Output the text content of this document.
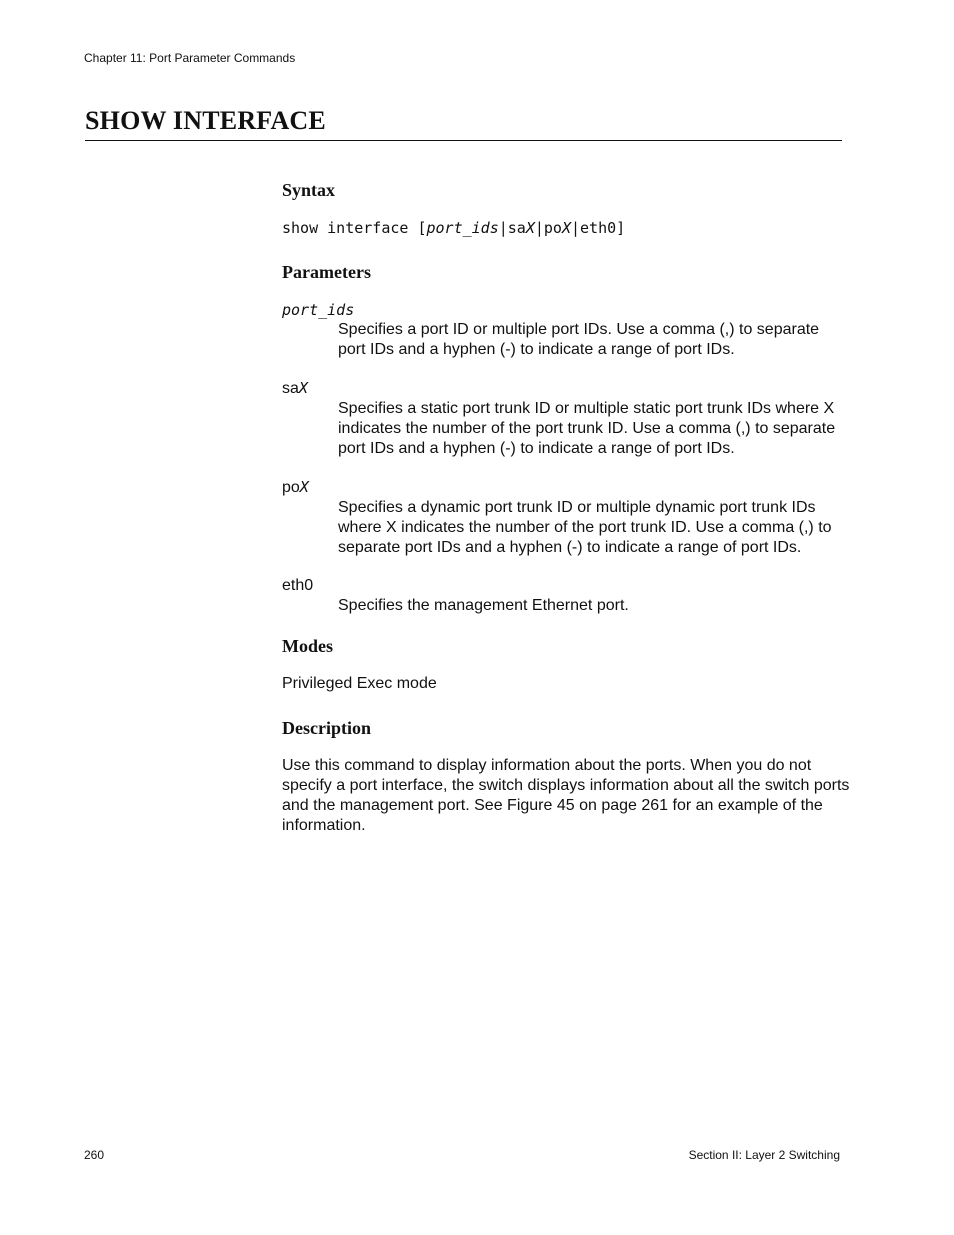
Chapter 11: Port Parameter Commands
SHOW INTERFACE
Syntax

show interface [port_ids|saX|poX|eth0]

Parameters

port_ids

Specifies a port ID or multiple port IDs. Use a comma (,) to separate port IDs and a hyphen (-) to indicate a range of port IDs.

saX

Specifies a static port trunk ID or multiple static port trunk IDs where X indicates the number of the port trunk ID. Use a comma (,) to separate port IDs and a hyphen (-) to indicate a range of port IDs.

poX

Specifies a dynamic port trunk ID or multiple dynamic port trunk IDs where X indicates the number of the port trunk ID. Use a comma (,) to separate port IDs and a hyphen (-) to indicate a range of port IDs.

eth0

Specifies the management Ethernet port.

Modes

Privileged Exec mode

Description

Use this command to display information about the ports. When you do not specify a port interface, the switch displays information about all the switch ports and the management port. See Figure 45 on page 261 for an example of the information.

260	Section II: Layer 2 Switching
